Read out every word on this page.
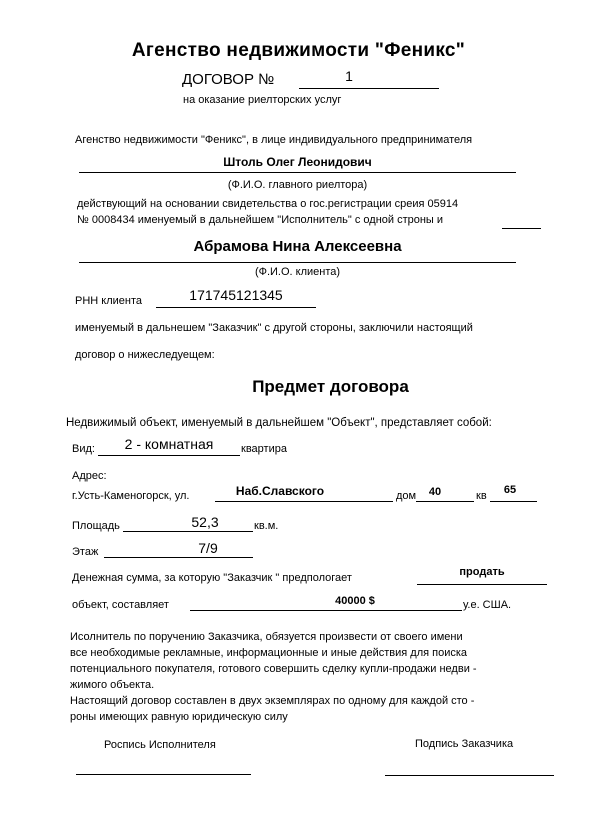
Агенство недвижимости "Феникс"
ДОГОВОР №	1
на оказание риелторских услуг
Агенство недвижимости "Феникс", в лице индивидуального предпринимателя
Штоль Олег Леонидович
(Ф.И.О. главного риелтора)
действующий на основании свидетельства о гос.регистрации среия 05914
№ 0008434 именуемый в дальнейшем "Исполнитель" с одной строны и
Абрамова Нина Алексеевна
(Ф.И.О. клиента)
РНН клиента	171745121345
именуемый в дальнешем "Заказчик" с другой стороны, заключили настоящий
договор о нижеследуещем:
Предмет договора
Недвижимый объект, именуемый в дальнейшем "Объект", представляет собой:
Вид:	2 - комнатная	квартира
Адрес:
г.Усть-Каменогорск, ул.	Наб.Славского	дом	40	кв	65
Площадь	52,3	кв.м.
Этаж	7/9
Денежная сумма, за которую "Заказчик " предпологает	продать
объект, составляет	40000 $	у.е. США.
Исолнитель по поручению Заказчика, обязуется произвести от своего имени
все необходимые рекламные, информационные и иные действия для поиска
потенциального покупателя, готового совершить сделку купли-продажи недви -
жимого объекта.
Настоящий договор составлен в двух экземплярах по одному для каждой сто -
роны имеющих равную юридическую силу
Роспись Исполнителя	Подпись Заказчика
